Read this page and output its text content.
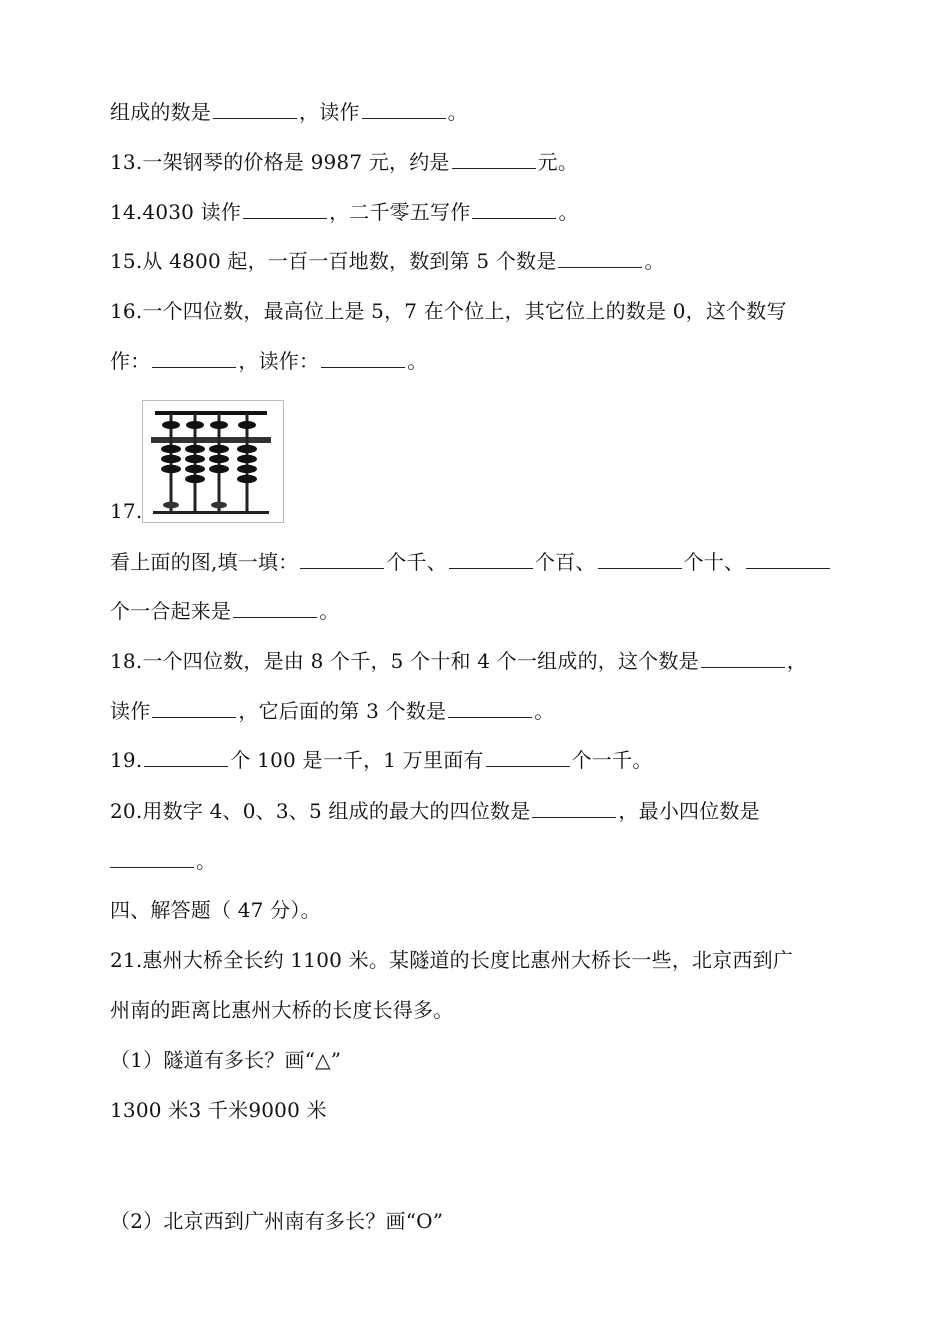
组成的数是	，读作	。
13.一架钢琴的价格是 9987 元，约是	元。
14.4030 读作	，二千零五写作	。
15.从 4800 起，一百一百地数，数到第 5 个数是	。
16.一个四位数，最高位上是 5，7 在个位上，其它位上的数是 0，这个数写
作：	，读作：	。
17.
看上面的图,填一填：	个千、	个百、	个十、
个一合起来是	。
18.一个四位数，是由 8 个千，5 个十和 4 个一组成的，这个数是	，
读作	，它后面的第 3 个数是	。
19.	个 100 是一千，1 万里面有	个一千。
20.用数字 4、0、3、5 组成的最大的四位数是	，最小四位数是
。
四、解答题（ 47 分）。
21.惠州大桥全长约 1100 米。某隧道的长度比惠州大桥长一些，北京西到广
州南的距离比惠州大桥的长度长得多。
（1）隧道有多长？画“△”
1300 米3 千米9000 米
（2）北京西到广州南有多长？画“O”
